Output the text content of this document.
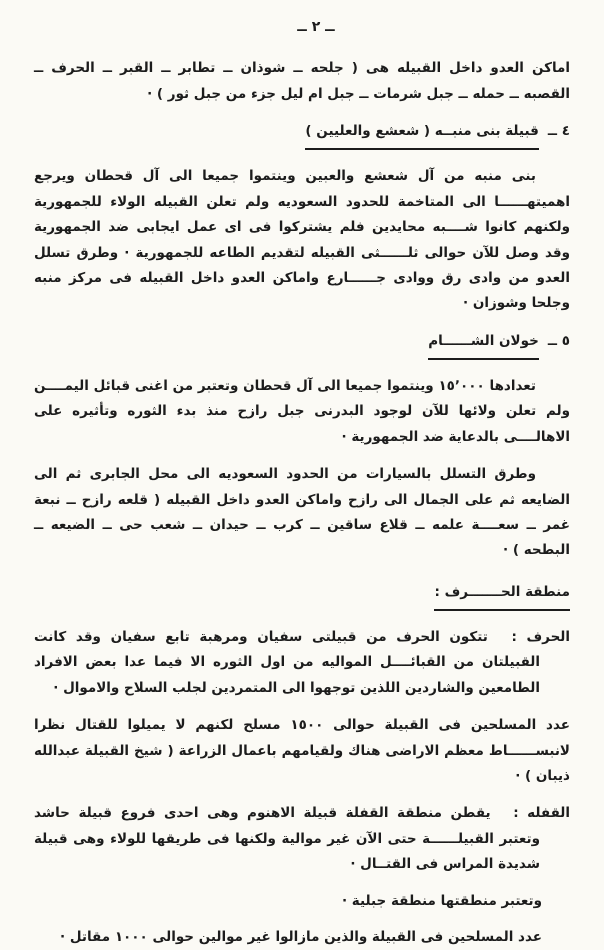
ــ ٢ ــ

اماكن العدو داخل القبيله هى ( جلحه ــ شوذان ــ تطابر ــ القبر ــ الحرف ــ القصبه ــ حمله ــ جبل شرمات ــ جبل ام ليل جزء من جبل ثور ) ·

٤ ــ
قبيلة بنى منبــه ( شعشع والعليين )

بنى منبه من آل شعشع والعبين وينتموا جميعا الى آل قحطان ويرجع اهميتهــــــا الى المتاخمة للحدود السعوديه ولم تعلن القبيله الولاء للجمهورية ولكنهم كانوا شــــبه محايدين فلم يشتركوا فى اى عمل ايجابى ضد الجمهورية وقد وصل للآن حوالى ثلــــــثى القبيله لتقديم الطاعه للجمهورية · وطرق تسلل العدو من وادى رق ووادى جــــــارع واماكن العدو داخل القبيله فى مركز منبه وجلحا وشوزان ·

٥ ــ
خولان الشــــــام

تعدادها ١٥٬٠٠٠ وينتموا جميعا الى آل قحطان وتعتبر من اغنى قبائل اليمــــن ولم تعلن ولائها للآن لوجود البدرنى جبل رازح منذ بدء الثوره وتأثيره على الاهالــــى بالدعاية ضد الجمهورية ·

وطرق التسلل بالسيارات من الحدود السعوديه الى محل الجابرى ثم الى الضايعه ثم على الجمال الى رازح واماكن العدو داخل القبيله ( قلعه رازح ــ نبعة غمر ــ سعــــة علمه ــ قلاع ساقين ــ كرب ــ حيدان ــ شعب حى ــ الضيعه ــ البطحه ) ·

منطقة الحـــــــرف :

الحرف : تتكون الحرف من قبيلتى سفيان ومرهبة تابع سفيان وقد كانت القبيلتان من القبائــــل المواليه من اول الثوره الا فيما عدا بعض الافراد الطامعين والشاردين اللذين توجهوا الى المتمردين لجلب السلاح والاموال ·

عدد المسلحين فى القبيلة حوالى ١٥٠٠ مسلح لكنهم لا يميلوا للقتال نظرا لانبســــــاط معظم الاراضى هناك ولقيامهم باعمال الزراعة ( شيخ القبيلة عبدالله ذيبان ) ·

القفله : يقطن منطقة القفلة قبيلة الاهنوم وهى احدى فروع قبيلة حاشد وتعتبر القبيلــــــة حتى الآن غير موالية ولكنها فى طريقها للولاء وهى قبيلة شديدة المراس فى القتــال ·

وتعتبر منطقتها منطقة جبلية ·

عدد المسلحين فى القبيلة والذين مازالوا غير موالين حوالى ١٠٠٠ مقاتل ·
